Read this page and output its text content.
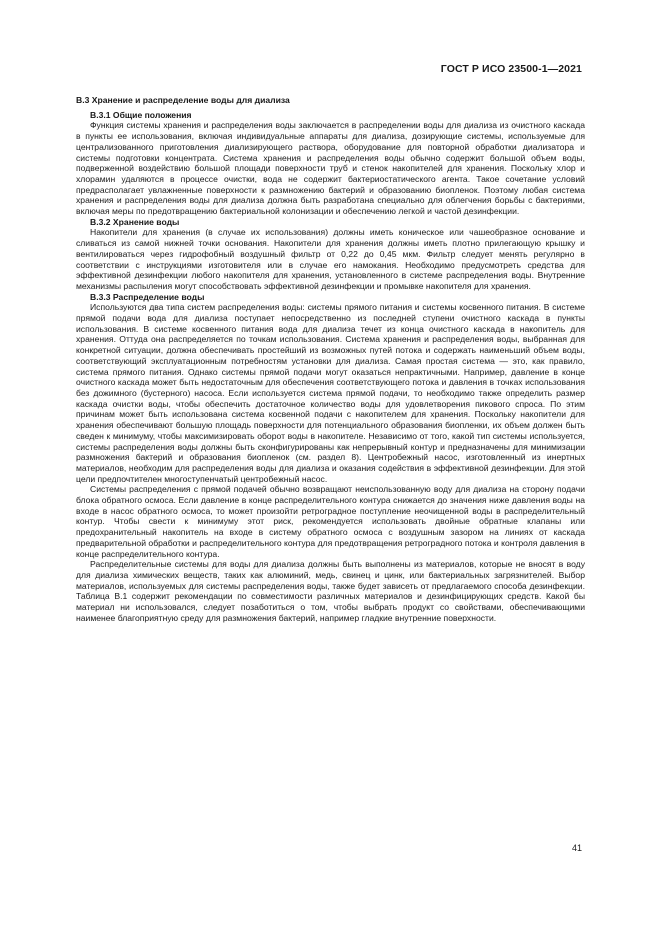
ГОСТ Р ИСО 23500-1—2021
В.3 Хранение и распределение воды для диализа
В.3.1 Общие положения

Функция системы хранения и распределения воды заключается в распределении воды для диализа из очистного каскада в пункты ее использования, включая индивидуальные аппараты для диализа, дозирующие системы, используемые для централизованного приготовления диализирующего раствора, оборудование для повторной обработки диализатора и системы подготовки концентрата. Система хранения и распределения воды обычно содержит большой объем воды, подверженной воздействию большой площади поверхности труб и стенок накопителей для хранения. Поскольку хлор и хлорамин удаляются в процессе очистки, вода не содержит бактериостатического агента. Такое сочетание условий предрасполагает увлажненные поверхности к размножению бактерий и образованию биопленок. Поэтому любая система хранения и распределения воды для диализа должна быть разработана специально для облегчения борьбы с бактериями, включая меры по предотвращению бактериальной колонизации и обеспечению легкой и частой дезинфекции.

В.3.2 Хранение воды

Накопители для хранения (в случае их использования) должны иметь коническое или чашеобразное основание и сливаться из самой нижней точки основания. Накопители для хранения должны иметь плотно прилегающую крышку и вентилироваться через гидрофобный воздушный фильтр от 0,22 до 0,45 мкм. Фильтр следует менять регулярно в соответствии с инструкциями изготовителя или в случае его намокания. Необходимо предусмотреть средства для эффективной дезинфекции любого накопителя для хранения, установленного в системе распределения воды. Внутренние механизмы распыления могут способствовать эффективной дезинфекции и промывке накопителя для хранения.

В.3.3 Распределение воды

Используются два типа систем распределения воды: системы прямого питания и системы косвенного питания. В системе прямой подачи вода для диализа поступает непосредственно из последней ступени очистного каскада в пункты использования. В системе косвенного питания вода для диализа течет из конца очистного каскада в накопитель для хранения. Оттуда она распределяется по точкам использования. Система хранения и распределения воды, выбранная для конкретной ситуации, должна обеспечивать простейший из возможных путей потока и содержать наименьший объем воды, соответствующий эксплуатационным потребностям установки для диализа. Самая простая система — это, как правило, система прямого питания. Однако системы прямой подачи могут оказаться непрактичными. Например, давление в конце очистного каскада может быть недостаточным для обеспечения соответствующего потока и давления в точках использования без дожимного (бустерного) насоса. Если используется система прямой подачи, то необходимо также определить размер каскада очистки воды, чтобы обеспечить достаточное количество воды для удовлетворения пикового спроса. По этим причинам может быть использована система косвенной подачи с накопителем для хранения. Поскольку накопители для хранения обеспечивают большую площадь поверхности для потенциального образования биопленки, их объем должен быть сведен к минимуму, чтобы максимизировать оборот воды в накопителе. Независимо от того, какой тип системы используется, системы распределения воды должны быть сконфигурированы как непрерывный контур и предназначены для минимизации размножения бактерий и образования биопленок (см. раздел 8). Центробежный насос, изготовленный из инертных материалов, необходим для распределения воды для диализа и оказания содействия в эффективной дезинфекции. Для этой цели предпочтителен многоступенчатый центробежный насос.

Системы распределения с прямой подачей обычно возвращают неиспользованную воду для диализа на сторону подачи блока обратного осмоса. Если давление в конце распределительного контура снижается до значения ниже давления воды на входе в насос обратного осмоса, то может произойти ретроградное поступление неочищенной воды в распределительный контур. Чтобы свести к минимуму этот риск, рекомендуется использовать двойные обратные клапаны или предохранительный накопитель на входе в систему обратного осмоса с воздушным зазором на линиях от каскада предварительной обработки и распределительного контура для предотвращения ретроградного потока и контроля давления в конце распределительного контура.

Распределительные системы для воды для диализа должны быть выполнены из материалов, которые не вносят в воду для диализа химических веществ, таких как алюминий, медь, свинец и цинк, или бактериальных загрязнителей. Выбор материалов, используемых для системы распределения воды, также будет зависеть от предлагаемого способа дезинфекции. Таблица В.1 содержит рекомендации по совместимости различных материалов и дезинфицирующих средств. Какой бы материал ни использовался, следует позаботиться о том, чтобы выбрать продукт со свойствами, обеспечивающими наименее благоприятную среду для размножения бактерий, например гладкие внутренние поверхности.

41
